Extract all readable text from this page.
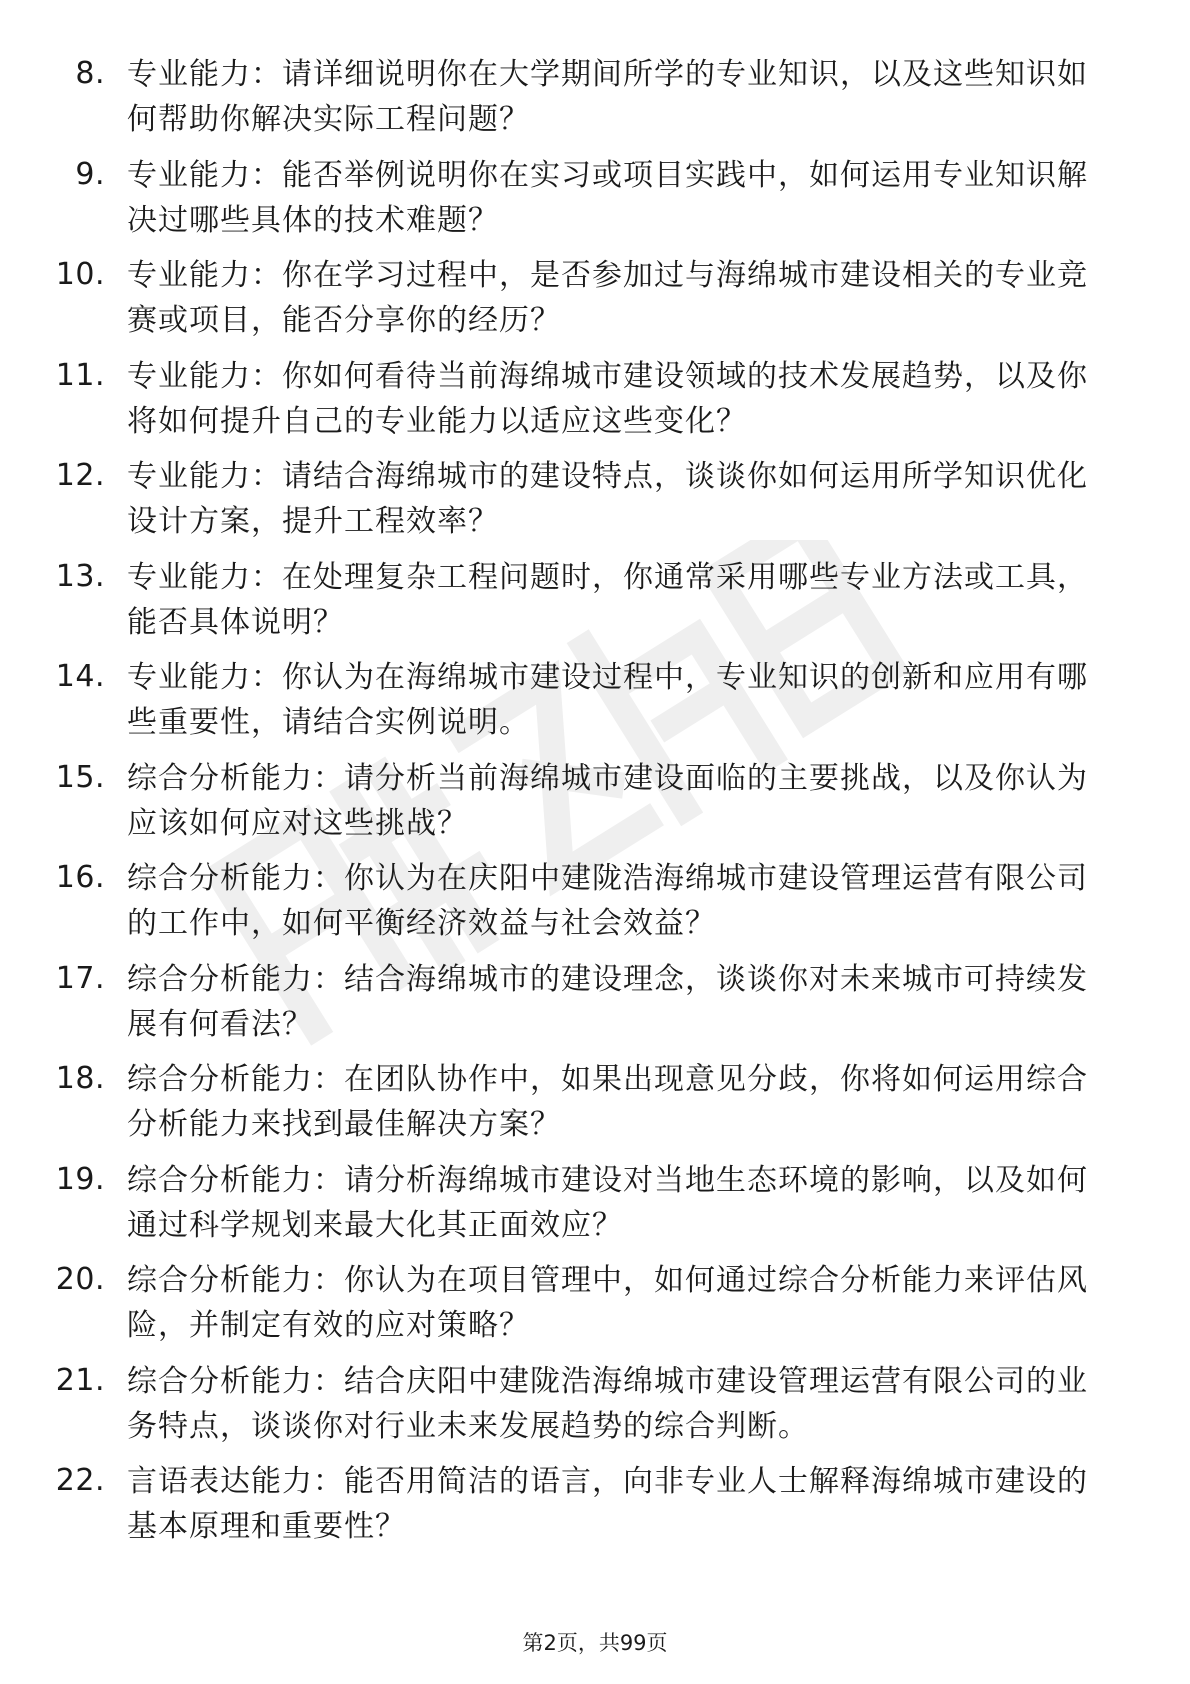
8. 专业能力：请详细说明你在大学期间所学的专业知识，以及这些知识如何帮助你解决实际工程问题？
9. 专业能力：能否举例说明你在实习或项目实践中，如何运用专业知识解决过哪些具体的技术难题？
10. 专业能力：你在学习过程中，是否参加过与海绵城市建设相关的专业竞赛或项目，能否分享你的经历？
11. 专业能力：你如何看待当前海绵城市建设领域的技术发展趋势，以及你将如何提升自己的专业能力以适应这些变化？
12. 专业能力：请结合海绵城市的建设特点，谈谈你如何运用所学知识优化设计方案，提升工程效率？
13. 专业能力：在处理复杂工程问题时，你通常采用哪些专业方法或工具，能否具体说明？
14. 专业能力：你认为在海绵城市建设过程中，专业知识的创新和应用有哪些重要性，请结合实例说明。
15. 综合分析能力：请分析当前海绵城市建设面临的主要挑战，以及你认为应该如何应对这些挑战？
16. 综合分析能力：你认为在庆阳中建陇浩海绵城市建设管理运营有限公司的工作中，如何平衡经济效益与社会效益？
17. 综合分析能力：结合海绵城市的建设理念，谈谈你对未来城市可持续发展有何看法？
18. 综合分析能力：在团队协作中，如果出现意见分歧，你将如何运用综合分析能力来找到最佳解决方案？
19. 综合分析能力：请分析海绵城市建设对当地生态环境的影响，以及如何通过科学规划来最大化其正面效应？
20. 综合分析能力：你认为在项目管理中，如何通过综合分析能力来评估风险，并制定有效的应对策略？
21. 综合分析能力：结合庆阳中建陇浩海绵城市建设管理运营有限公司的业务特点，谈谈你对行业未来发展趋势的综合判断。
22. 言语表达能力：能否用简洁的语言，向非专业人士解释海绵城市建设的基本原理和重要性？
第2页，共99页
